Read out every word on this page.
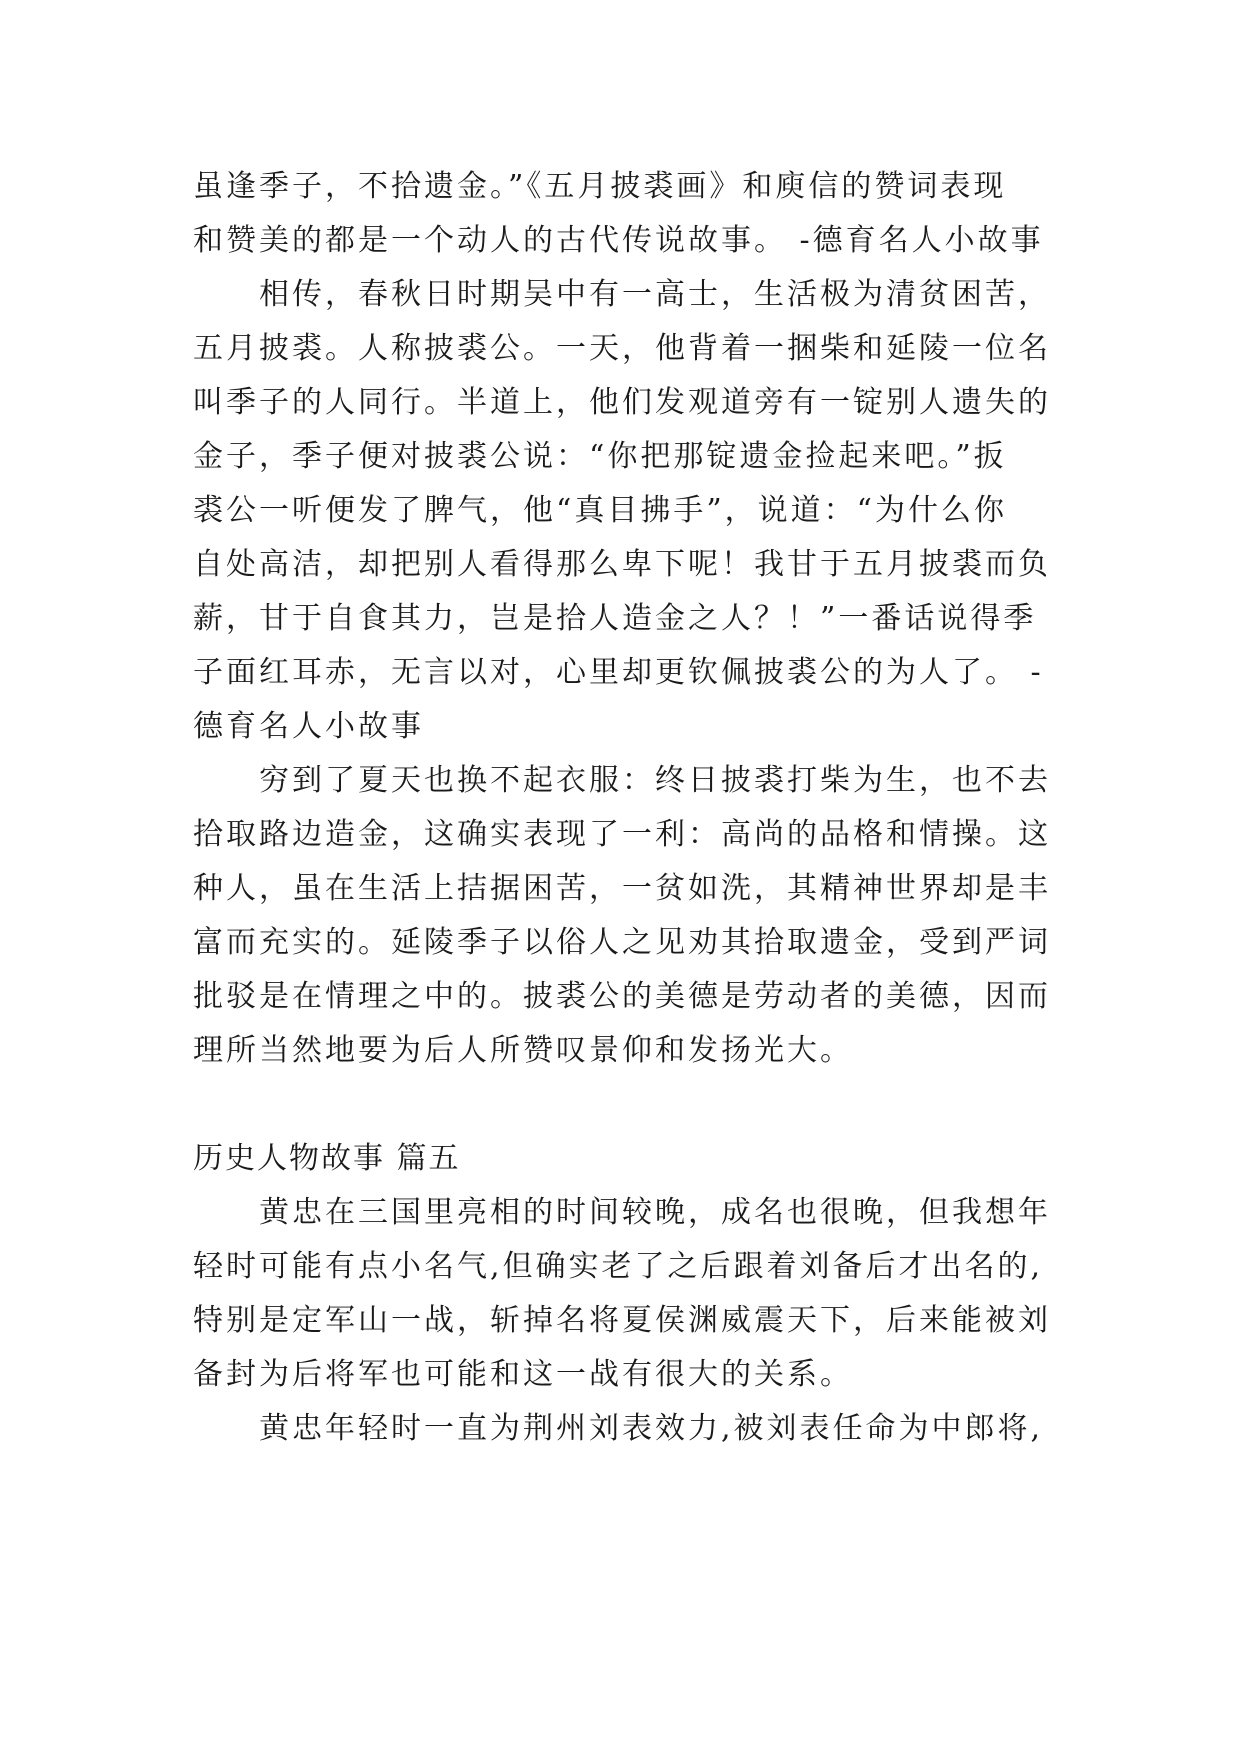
虽逢季子，不拾遗金。”《五月披裘画》和庾信的赞词表现
和赞美的都是一个动人的古代传说故事。 -德育名人小故事
相传，春秋日时期吴中有一高士，生活极为清贫困苦，
五月披裘。人称披裘公。一天，他背着一捆柴和延陵一位名
叫季子的人同行。半道上，他们发观道旁有一锭别人遗失的
金子，季子便对披裘公说：“你把那锭遗金捡起来吧。”扳
裘公一听便发了脾气，他“真目拂手”，说道：“为什么你
自处高洁，却把别人看得那么卑下呢！我甘于五月披裘而负
薪，甘于自食其力，岂是拾人造金之人？！”一番话说得季
子面红耳赤，无言以对，心里却更钦佩披裘公的为人了。 -
德育名人小故事
穷到了夏天也换不起衣服：终日披裘打柴为生，也不去
拾取路边造金，这确实表现了一利：高尚的品格和情操。这
种人，虽在生活上拮据困苦，一贫如洗，其精神世界却是丰
富而充实的。延陵季子以俗人之见劝其拾取遗金，受到严词
批驳是在情理之中的。披裘公的美德是劳动者的美德，因而
理所当然地要为后人所赞叹景仰和发扬光大。
历史人物故事 篇五
黄忠在三国里亮相的时间较晚，成名也很晚，但我想年
轻时可能有点小名气,但确实老了之后跟着刘备后才出名的,
特别是定军山一战，斩掉名将夏侯渊威震天下，后来能被刘
备封为后将军也可能和这一战有很大的关系。
黄忠年轻时一直为荆州刘表效力,被刘表任命为中郎将,
